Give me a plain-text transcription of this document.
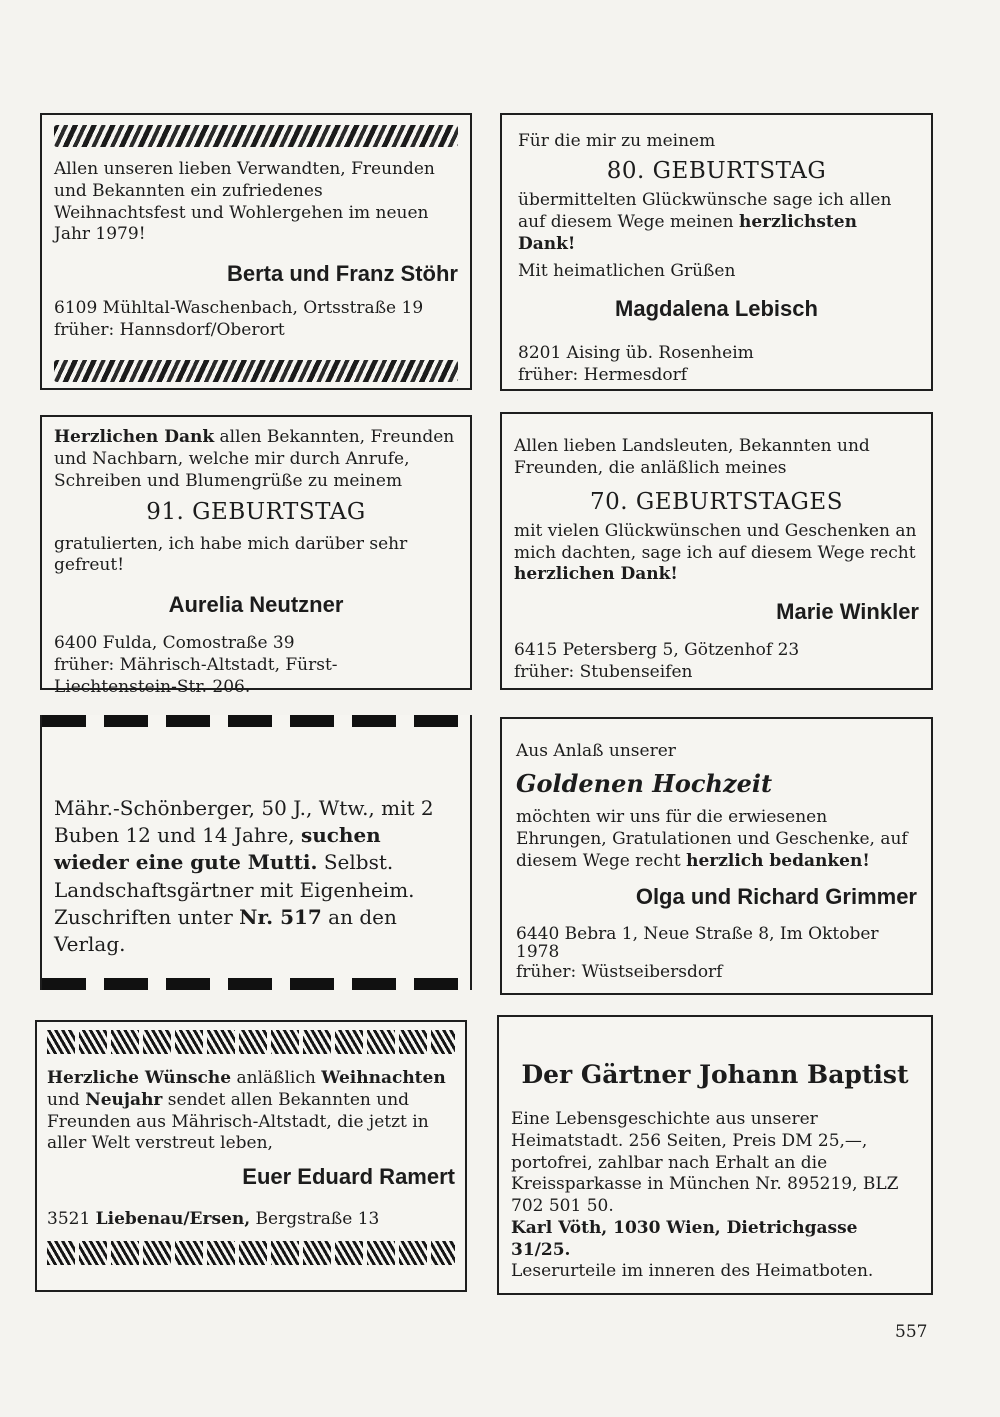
Allen unseren lieben Verwandten, Freunden und Bekannten ein zufriedenes Weihnachtsfest und Wohlergehen im neuen Jahr 1979!

Berta und Franz Stöhr

6109 Mühltal-Waschenbach, Ortsstraße 19

früher: Hannsdorf/Oberort

Für die mir zu meinem

80. GEBURTSTAG

übermittelten Glückwünsche sage ich allen auf diesem Wege meinen herzlichsten Dank!

Mit heimatlichen Grüßen

Magdalena Lebisch

8201 Aising üb. Rosenheim

früher: Hermesdorf

Herzlichen Dank allen Bekannten, Freunden und Nachbarn, welche mir durch Anrufe, Schreiben und Blumengrüße zu meinem

91. GEBURTSTAG

gratulierten, ich habe mich darüber sehr gefreut!

Aurelia Neutzner

6400 Fulda, Comostraße 39

früher: Mährisch-Altstadt, Fürst-Liechtenstein-Str. 206.

Allen lieben Landsleuten, Bekannten und Freunden, die anläßlich meines

70. GEBURTSTAGES

mit vielen Glückwünschen und Geschenken an mich dachten, sage ich auf diesem Wege recht herzlichen Dank!

Marie Winkler

6415 Petersberg 5, Götzenhof 23

früher: Stubenseifen

Mähr.-Schönberger, 50 J., Wtw., mit 2 Buben 12 und 14 Jahre, suchen wieder eine gute Mutti. Selbst. Landschaftsgärtner mit Eigenheim. Zuschriften unter Nr. 517 an den Verlag.

Aus Anlaß unserer

Goldenen Hochzeit

möchten wir uns für die erwiesenen Ehrungen, Gratulationen und Geschenke, auf diesem Wege recht herzlich bedanken!

Olga und Richard Grimmer

6440 Bebra 1, Neue Straße 8, Im Oktober 1978

früher: Wüstseibersdorf

Herzliche Wünsche anläßlich Weihnachten und Neujahr sendet allen Bekannten und Freunden aus Mährisch-Altstadt, die jetzt in aller Welt verstreut leben,

Euer Eduard Ramert

3521 Liebenau/Ersen, Bergstraße 13

Der Gärtner Johann Baptist

Eine Lebensgeschichte aus unserer Heimatstadt. 256 Seiten, Preis DM 25,—, portofrei, zahlbar nach Erhalt an die Kreissparkasse in München Nr. 895219, BLZ 702 501 50.

Karl Vöth, 1030 Wien, Dietrichgasse 31/25.

Leserurteile im inneren des Heimatboten.

557
